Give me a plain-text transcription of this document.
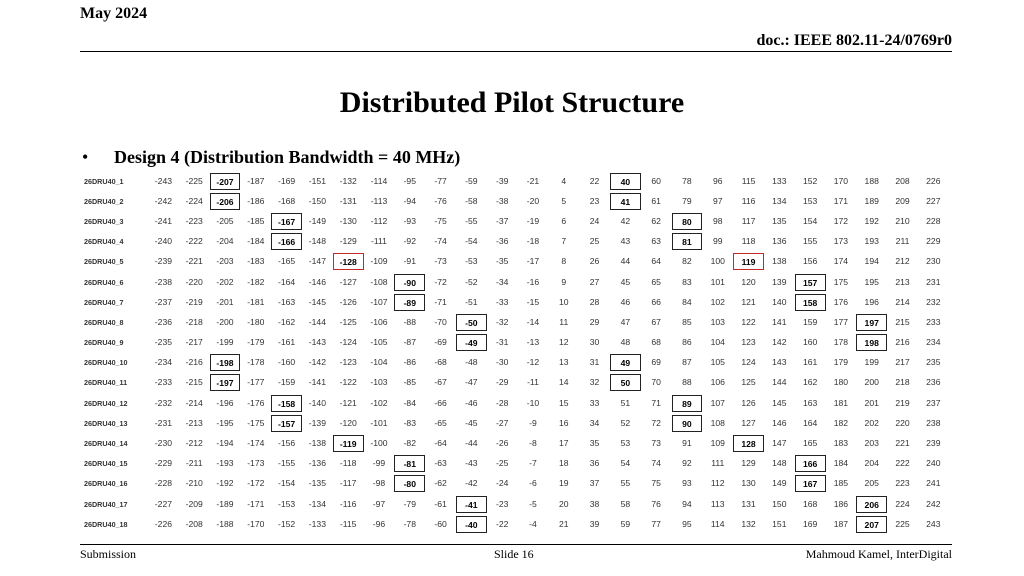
May 2024
doc.: IEEE 802.11-24/0769r0
Distributed Pilot Structure
•	Design 4 (Distribution Bandwidth = 40 MHz)
26DRU40_1	-243	-225	-207	-187	-169	-151	-132	-114	-95	-77	-59	-39	-21	4	22	40	60	78	96	115	133	152	170	188	208	226
26DRU40_2	-242	-224	-206	-186	-168	-150	-131	-113	-94	-76	-58	-38	-20	5	23	41	61	79	97	116	134	153	171	189	209	227
26DRU40_3	-241	-223	-205	-185	-167	-149	-130	-112	-93	-75	-55	-37	-19	6	24	42	62	80	98	117	135	154	172	192	210	228
26DRU40_4	-240	-222	-204	-184	-166	-148	-129	-111	-92	-74	-54	-36	-18	7	25	43	63	81	99	118	136	155	173	193	211	229
26DRU40_5	-239	-221	-203	-183	-165	-147	-128	-109	-91	-73	-53	-35	-17	8	26	44	64	82	100	119	138	156	174	194	212	230
26DRU40_6	-238	-220	-202	-182	-164	-146	-127	-108	-90	-72	-52	-34	-16	9	27	45	65	83	101	120	139	157	175	195	213	231
26DRU40_7	-237	-219	-201	-181	-163	-145	-126	-107	-89	-71	-51	-33	-15	10	28	46	66	84	102	121	140	158	176	196	214	232
26DRU40_8	-236	-218	-200	-180	-162	-144	-125	-106	-88	-70	-50	-32	-14	11	29	47	67	85	103	122	141	159	177	197	215	233
26DRU40_9	-235	-217	-199	-179	-161	-143	-124	-105	-87	-69	-49	-31	-13	12	30	48	68	86	104	123	142	160	178	198	216	234
26DRU40_10	-234	-216	-198	-178	-160	-142	-123	-104	-86	-68	-48	-30	-12	13	31	49	69	87	105	124	143	161	179	199	217	235
26DRU40_11	-233	-215	-197	-177	-159	-141	-122	-103	-85	-67	-47	-29	-11	14	32	50	70	88	106	125	144	162	180	200	218	236
26DRU40_12	-232	-214	-196	-176	-158	-140	-121	-102	-84	-66	-46	-28	-10	15	33	51	71	89	107	126	145	163	181	201	219	237
26DRU40_13	-231	-213	-195	-175	-157	-139	-120	-101	-83	-65	-45	-27	-9	16	34	52	72	90	108	127	146	164	182	202	220	238
26DRU40_14	-230	-212	-194	-174	-156	-138	-119	-100	-82	-64	-44	-26	-8	17	35	53	73	91	109	128	147	165	183	203	221	239
26DRU40_15	-229	-211	-193	-173	-155	-136	-118	-99	-81	-63	-43	-25	-7	18	36	54	74	92	111	129	148	166	184	204	222	240
26DRU40_16	-228	-210	-192	-172	-154	-135	-117	-98	-80	-62	-42	-24	-6	19	37	55	75	93	112	130	149	167	185	205	223	241
26DRU40_17	-227	-209	-189	-171	-153	-134	-116	-97	-79	-61	-41	-23	-5	20	38	58	76	94	113	131	150	168	186	206	224	242
26DRU40_18	-226	-208	-188	-170	-152	-133	-115	-96	-78	-60	-40	-22	-4	21	39	59	77	95	114	132	151	169	187	207	225	243
Submission	Slide 16	Mahmoud Kamel, InterDigital
